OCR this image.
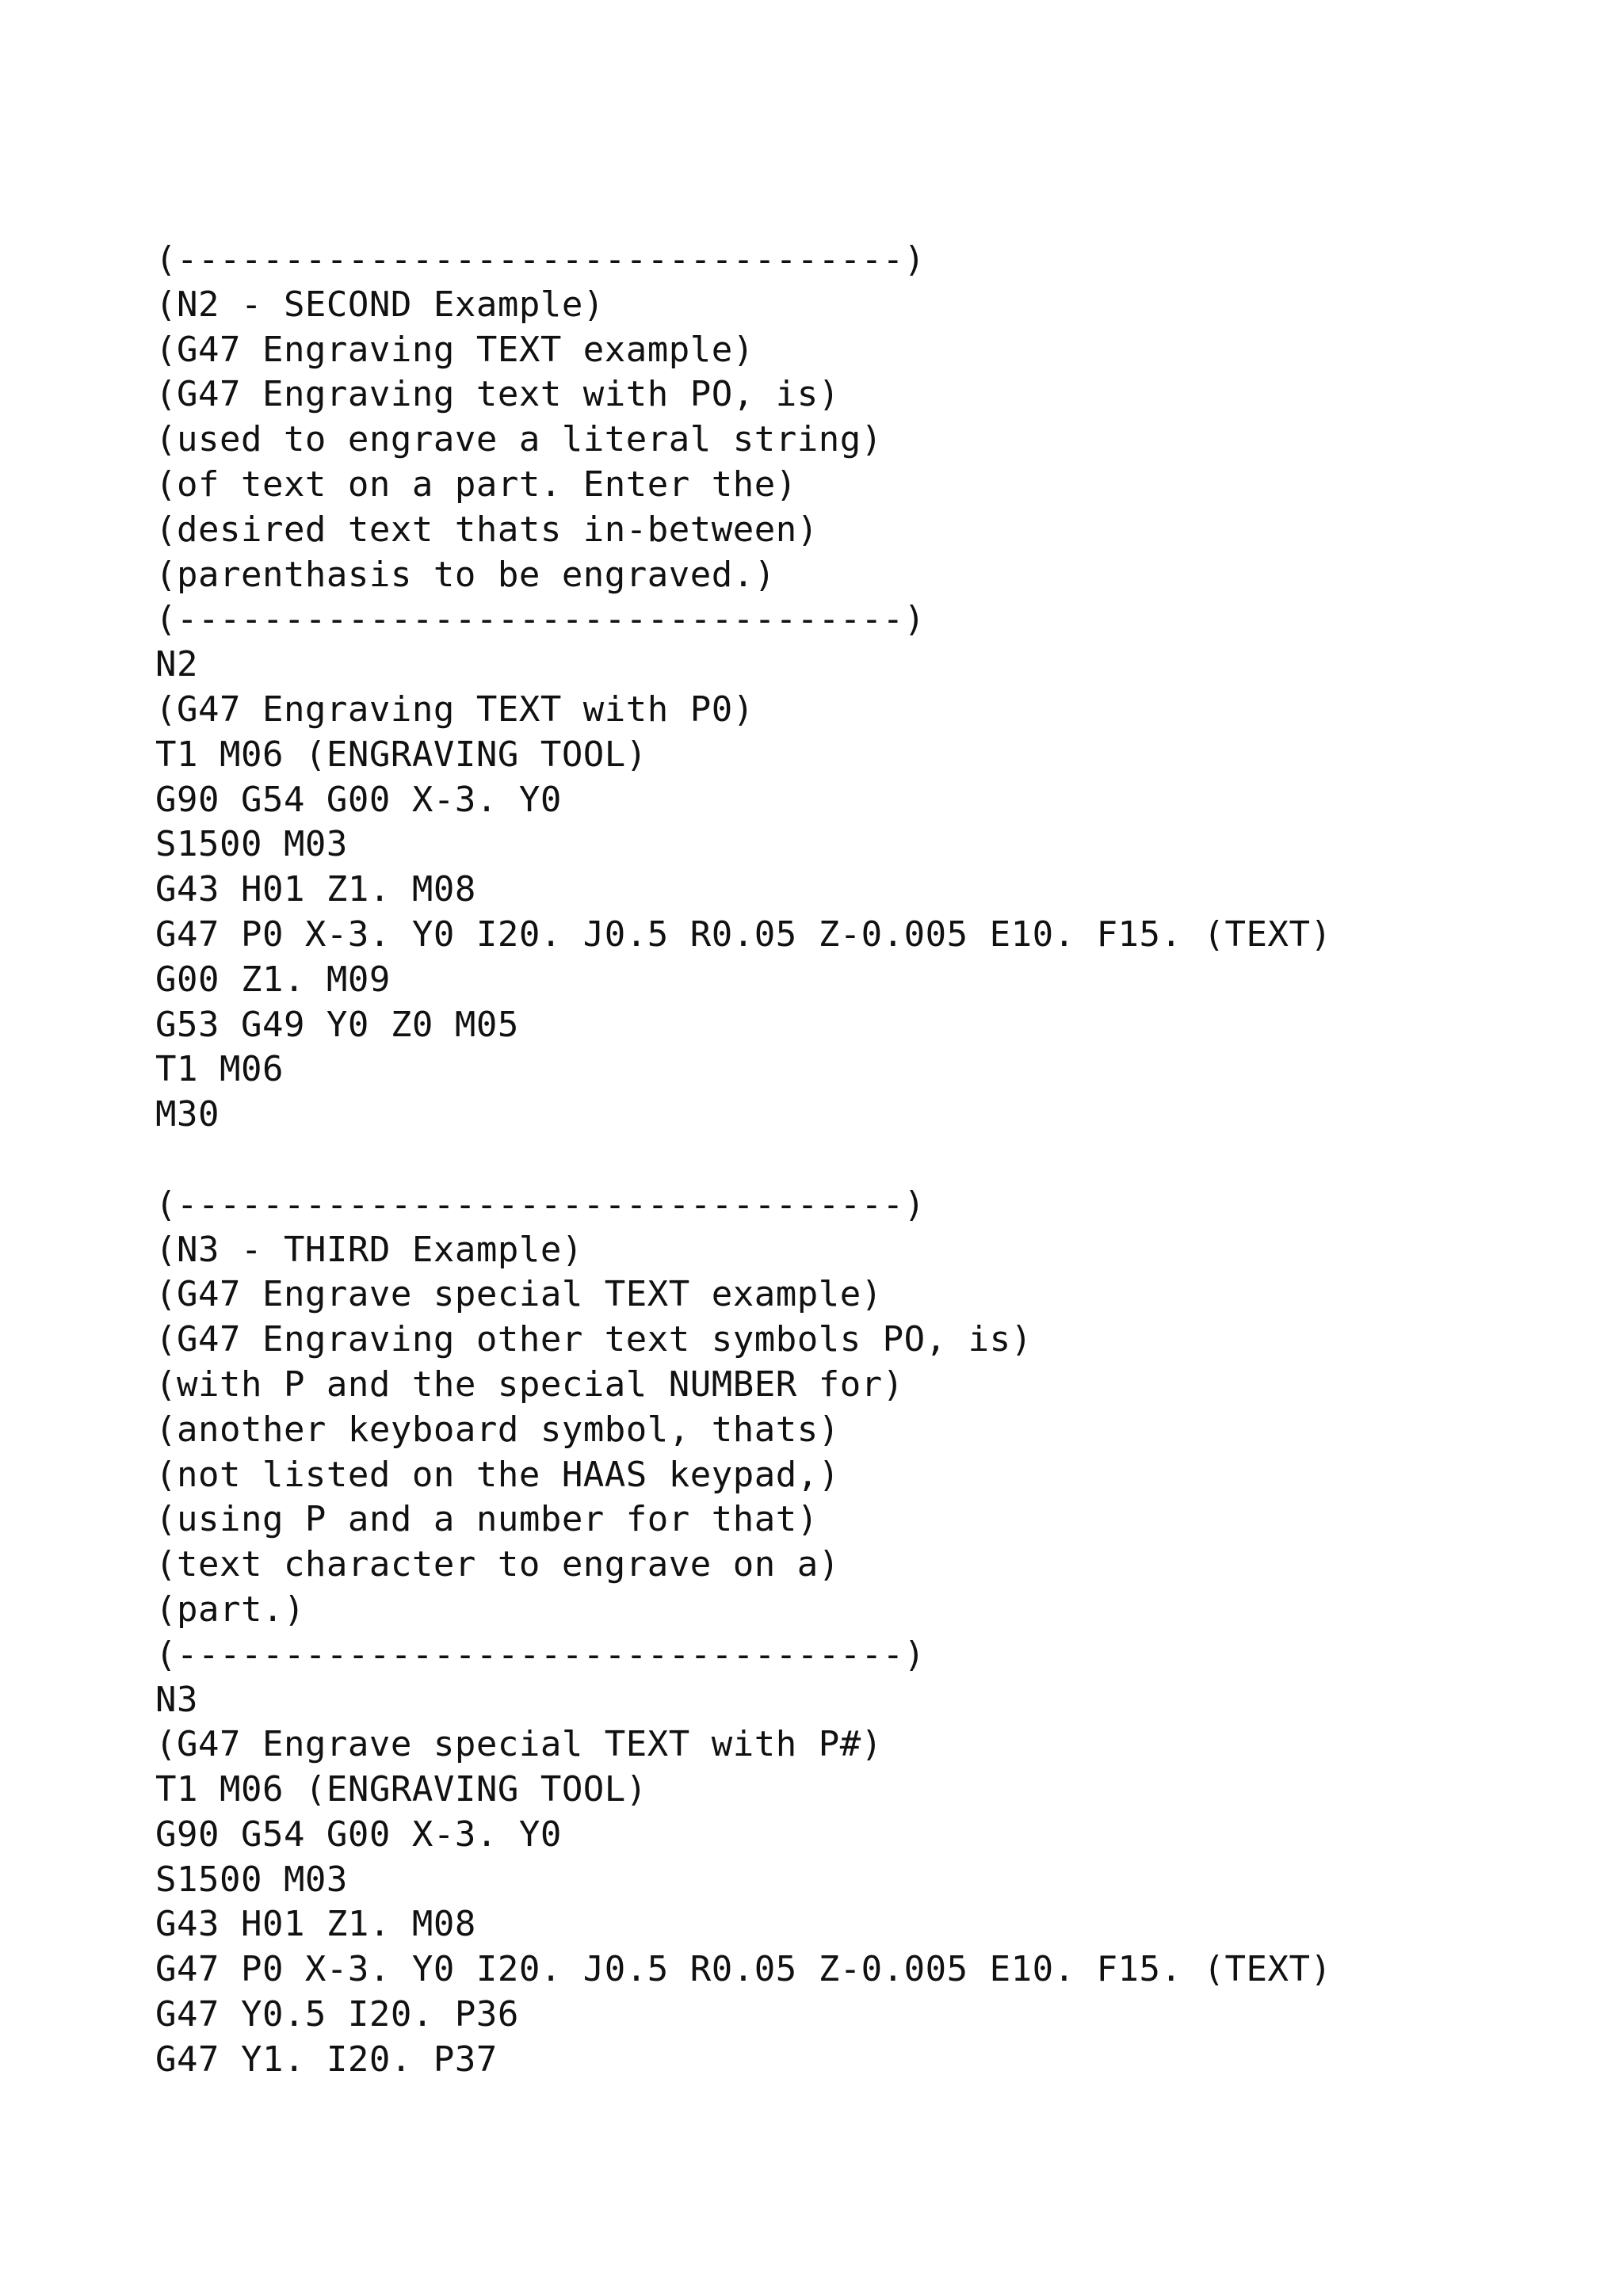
(----------------------------------)
(N2 - SECOND Example)
(G47 Engraving TEXT example)
(G47 Engraving text with PO, is)
(used to engrave a literal string)
(of text on a part. Enter the)
(desired text thats in-between)
(parenthasis to be engraved.)
(----------------------------------)
N2
(G47 Engraving TEXT with P0)
T1 M06 (ENGRAVING TOOL)
G90 G54 G00 X-3. Y0
S1500 M03
G43 H01 Z1. M08
G47 P0 X-3. Y0 I20. J0.5 R0.05 Z-0.005 E10. F15. (TEXT)
G00 Z1. M09
G53 G49 Y0 Z0 M05
T1 M06
M30
(----------------------------------)
(N3 - THIRD Example)
(G47 Engrave special TEXT example)
(G47 Engraving other text symbols PO, is)
(with P and the special NUMBER for)
(another keyboard symbol, thats)
(not listed on the HAAS keypad,)
(using P and a number for that)
(text character to engrave on a)
(part.)
(----------------------------------)
N3
(G47 Engrave special TEXT with P#)
T1 M06 (ENGRAVING TOOL)
G90 G54 G00 X-3. Y0
S1500 M03
G43 H01 Z1. M08
G47 P0 X-3. Y0 I20. J0.5 R0.05 Z-0.005 E10. F15. (TEXT)
G47 Y0.5 I20. P36
G47 Y1. I20. P37
